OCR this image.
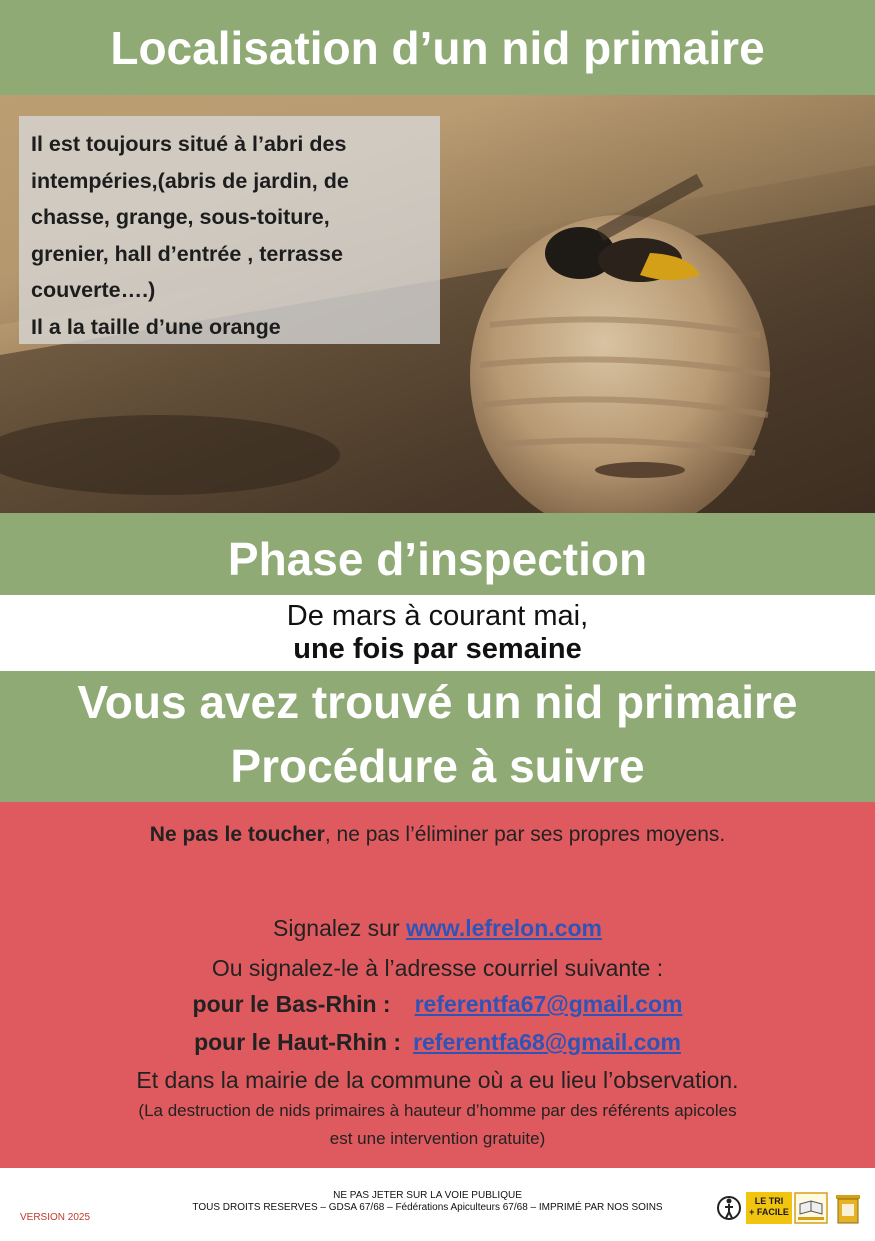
Localisation d’un nid primaire
Il est toujours situé à l’abri des
intempéries,(abris de jardin, de
chasse, grange, sous-toiture,
grenier, hall d’entrée , terrasse
couverte….)
Il a la taille d’une orange
Phase d’inspection
De mars à courant mai,
une fois par semaine
Vous avez trouvé un nid primaire
Procédure à suivre
Ne pas le toucher, ne pas l’éliminer par ses propres moyens.
Signalez sur www.lefrelon.com
Ou signalez-le à l’adresse courriel suivante :
pour le Bas-Rhin : referentfa67@gmail.com
pour le Haut-Rhin : referentfa68@gmail.com
Et dans la mairie de la commune où a eu lieu l’observation.
(La destruction de nids primaires à hauteur d’homme par des référents apicoles
est une intervention gratuite)
VERSION 2025
NE PAS JETER SUR LA VOIE PUBLIQUE
TOUS DROITS RESERVES – GDSA 67/68 – Fédérations Apiculteurs 67/68 – IMPRIMÉ PAR NOS SOINS
LE TRI
+ FACILE
